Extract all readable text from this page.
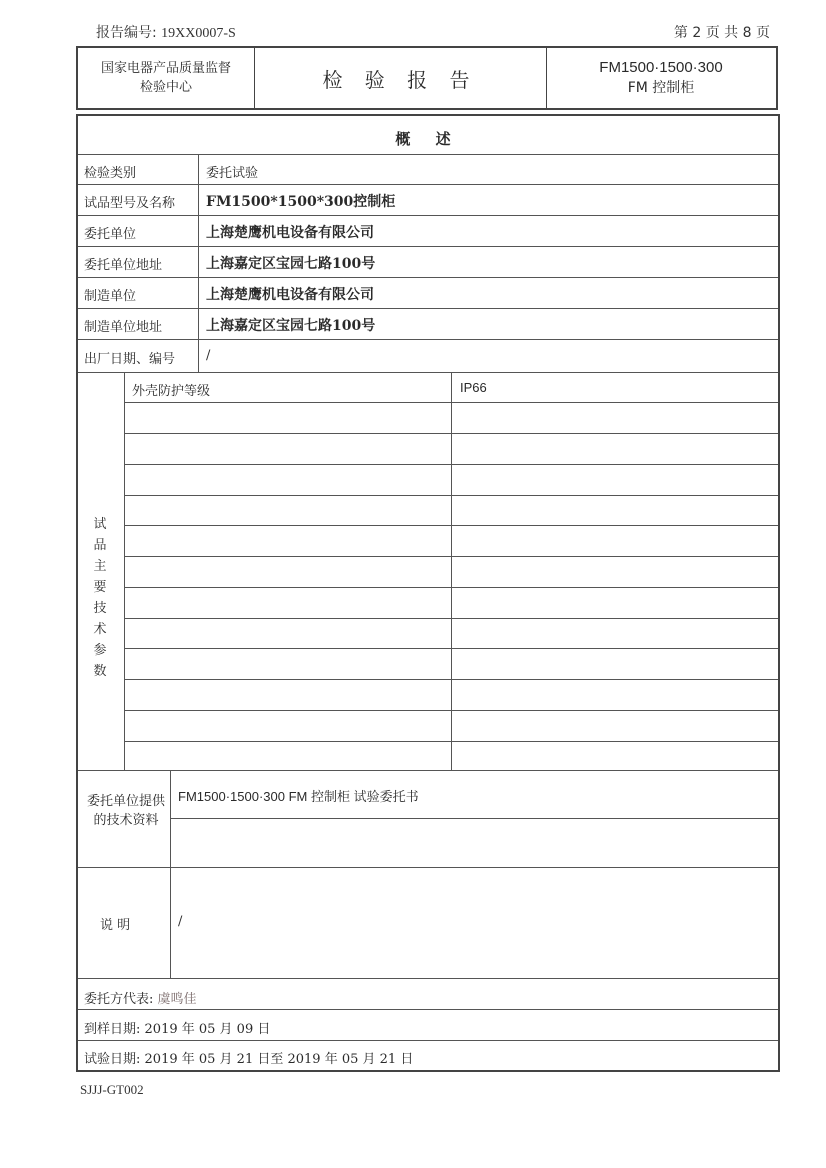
报告编号: 19XX0007-S	第 2 页 共 8 页
国家电器产品质量监督
检验中心	检 验 报 告	FM1500·1500·300
FM 控制柜
概 述
检验类别	委托试验
试品型号及名称 FM1500*1500*300控制柜
委托单位	上海楚鹰机电设备有限公司
委托单位地址	上海嘉定区宝园七路100号
制造单位	上海楚鹰机电设备有限公司
制造单位地址	上海嘉定区宝园七路100号
出厂日期、编号 /
试品主要技术参数
外壳防护等级	IP66
委托单位提供的技术资料
FM1500·1500·300 FM 控制柜 试验委托书
说 明	/
委托方代表: 虞鸣佳
到样日期: 2019 年 05 月 09 日
试验日期: 2019 年 05 月 21 日至 2019 年 05 月 21 日
SJJJ-GT002
